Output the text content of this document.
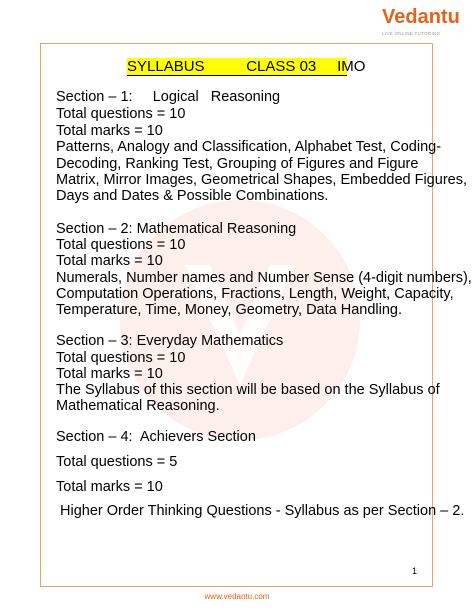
Vedantu
LIVE ONLINE TUTORING
SYLLABUS          CLASS 03     IMO
Section – 1:     Logical   Reasoning
Total questions = 10
Total marks = 10
Patterns, Analogy and Classification, Alphabet Test, Coding-
Decoding, Ranking Test, Grouping of Figures and Figure
Matrix, Mirror Images, Geometrical Shapes, Embedded Figures,
Days and Dates & Possible Combinations.
Section – 2: Mathematical Reasoning
Total questions = 10
Total marks = 10
Numerals, Number names and Number Sense (4-digit numbers),
Computation Operations, Fractions, Length, Weight, Capacity,
Temperature, Time, Money, Geometry, Data Handling.
Section – 3: Everyday Mathematics
Total questions = 10
Total marks = 10
The Syllabus of this section will be based on the Syllabus of
Mathematical Reasoning.
Section – 4:  Achievers Section
Total questions = 5
Total marks = 10
Higher Order Thinking Questions - Syllabus as per Section – 2.
1
www.vedantu.com
